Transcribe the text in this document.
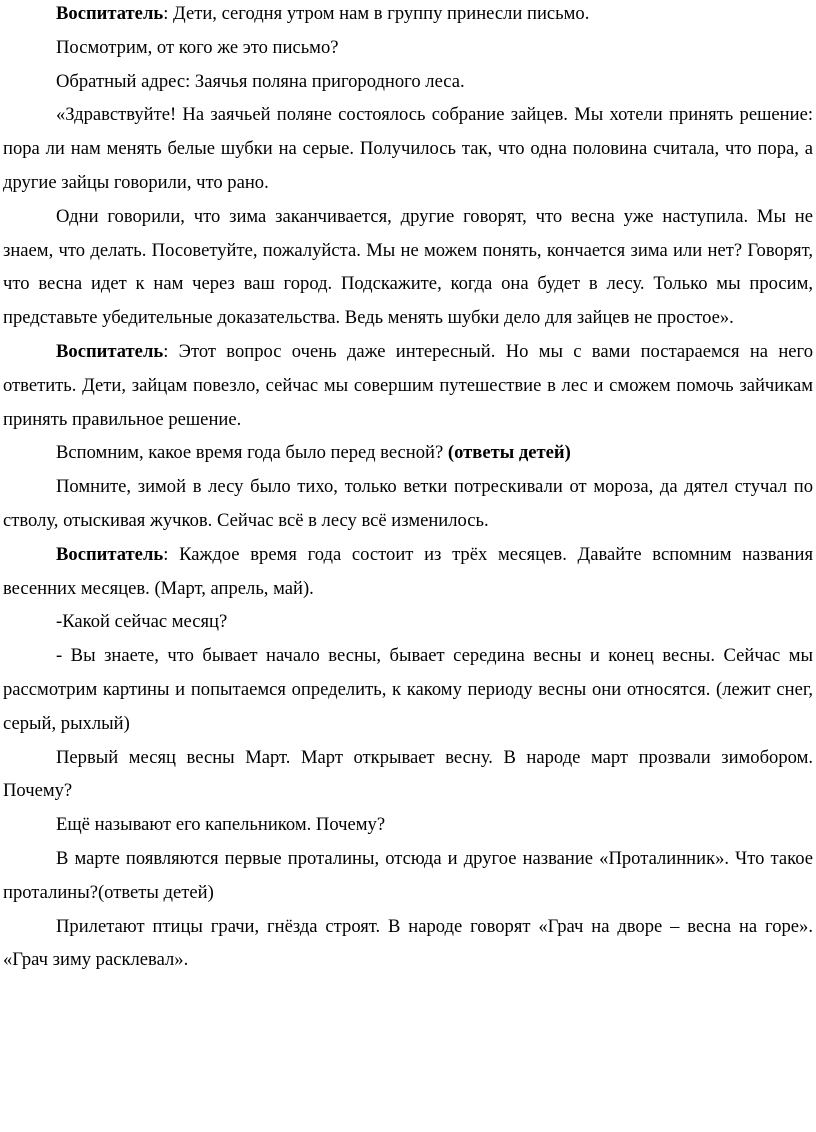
Воспитатель: Дети, сегодня утром нам в группу принесли письмо.

Посмотрим, от кого же это письмо?

Обратный адрес: Заячья поляна пригородного леса.

«Здравствуйте! На заячьей поляне состоялось собрание зайцев. Мы хотели принять решение: пора ли нам менять белые шубки на серые. Получилось так, что одна половина считала, что пора, а другие зайцы говорили, что рано.

Одни говорили, что зима заканчивается, другие говорят, что весна уже наступила. Мы не знаем, что делать. Посоветуйте, пожалуйста. Мы не можем понять, кончается зима или нет? Говорят, что весна идет к нам через ваш город. Подскажите, когда она будет в лесу. Только мы просим, представьте убедительные доказательства. Ведь менять шубки дело для зайцев не простое».

Воспитатель: Этот вопрос очень даже интересный. Но мы с вами постараемся на него ответить. Дети, зайцам повезло, сейчас мы совершим путешествие в лес и сможем помочь зайчикам принять правильное решение.

Вспомним, какое время года было перед весной? (ответы детей)

Помните, зимой в лесу было тихо, только ветки потрескивали от мороза, да дятел стучал по стволу, отыскивая жучков. Сейчас всё в лесу всё изменилось.

Воспитатель: Каждое время года состоит из трёх месяцев. Давайте вспомним названия весенних месяцев. (Март, апрель, май).

-Какой сейчас месяц?

- Вы знаете, что бывает начало весны, бывает середина весны и конец весны. Сейчас мы рассмотрим картины и попытаемся определить, к какому периоду весны они относятся. (лежит снег, серый, рыхлый)

Первый месяц весны Март. Март открывает весну. В народе март прозвали зимобором. Почему?

Ещё называют его капельником. Почему?

В марте появляются первые проталины, отсюда и другое название «Проталинник». Что такое проталины?(ответы детей)

Прилетают птицы грачи, гнёзда строят. В народе говорят «Грач на дворе – весна на горе». «Грач зиму расклевал».
